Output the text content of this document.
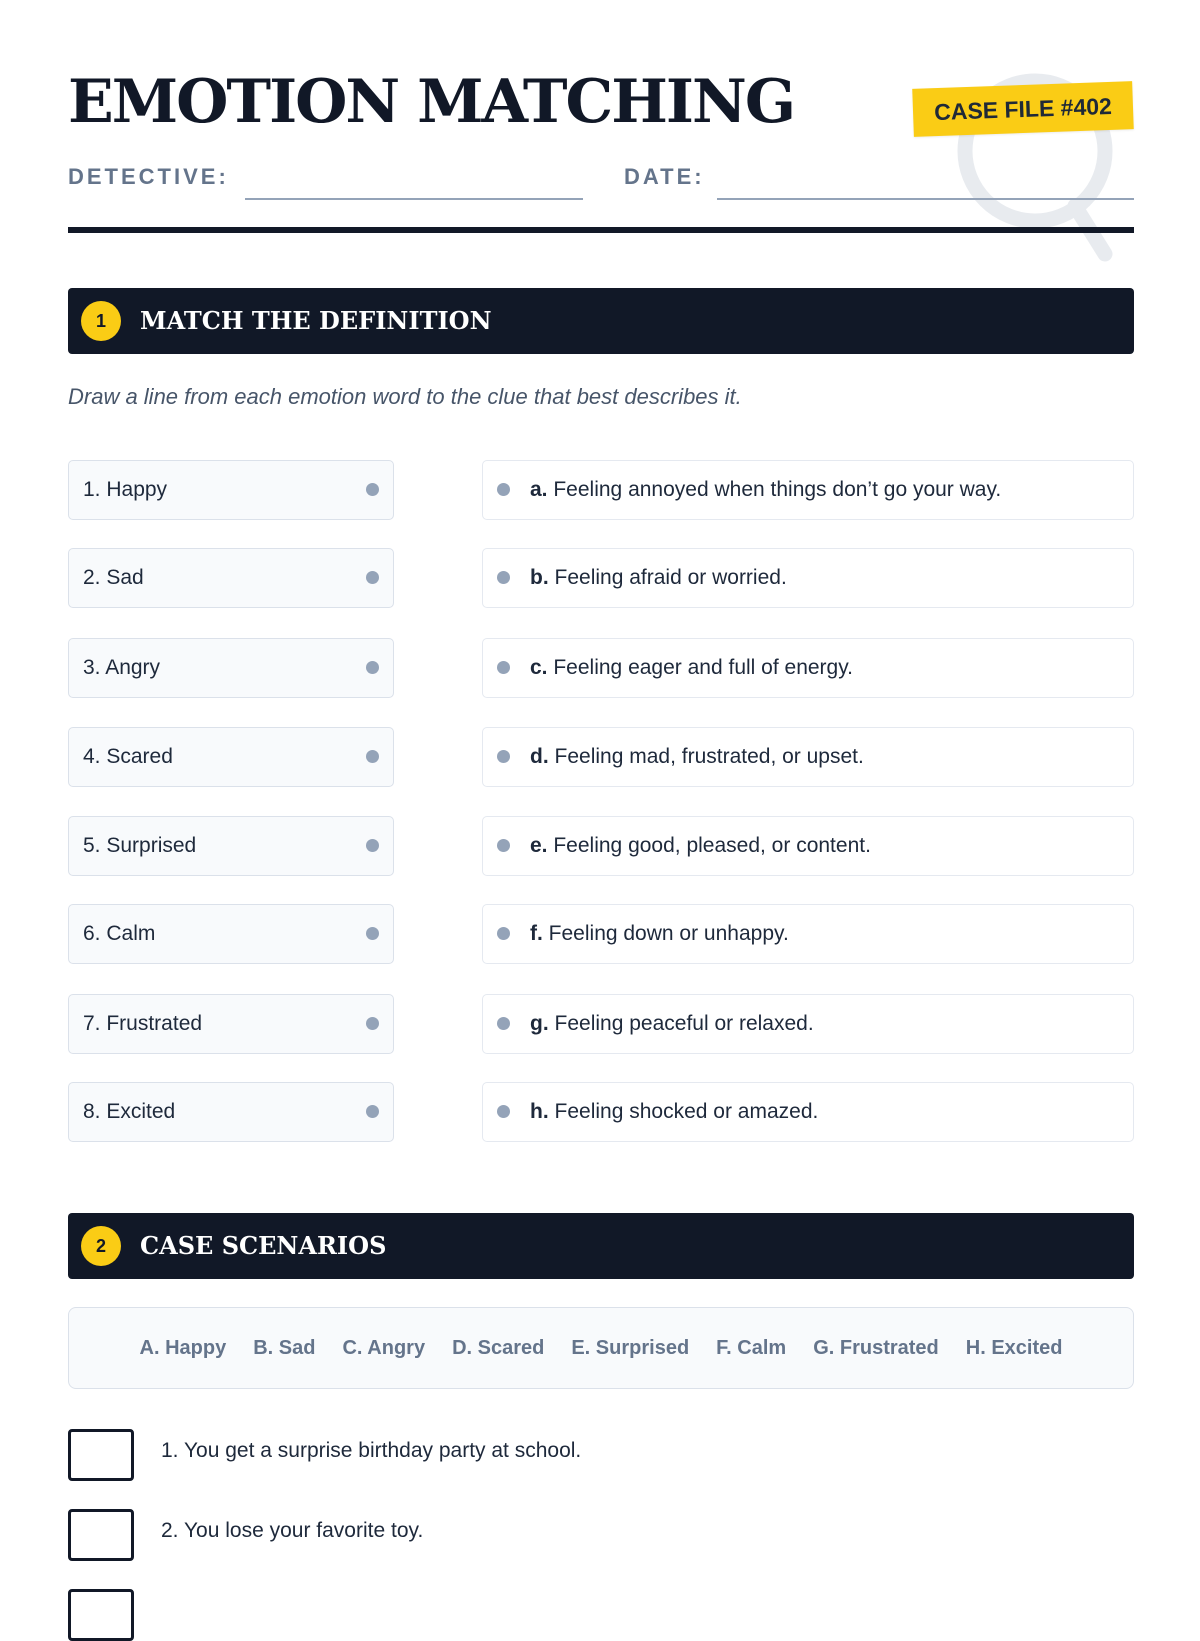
EMOTION MATCHING	CASE FILE #402
DETECTIVE:	DATE:
1	MATCH THE DEFINITION
Draw a line from each emotion word to the clue that best describes it.
1. Happy
2. Sad
3. Angry
4. Scared
5. Surprised
6. Calm
7. Frustrated
8. Excited
a. Feeling annoyed when things don’t go your way.
b. Feeling afraid or worried.
c. Feeling eager and full of energy.
d. Feeling mad, frustrated, or upset.
e. Feeling good, pleased, or content.
f. Feeling down or unhappy.
g. Feeling peaceful or relaxed.
h. Feeling shocked or amazed.
2	CASE SCENARIOS
A. Happy B. Sad C. Angry D. Scared E. Surprised F. Calm G. Frustrated H. Excited
1. You get a surprise birthday party at school.
2. You lose your favorite toy.
